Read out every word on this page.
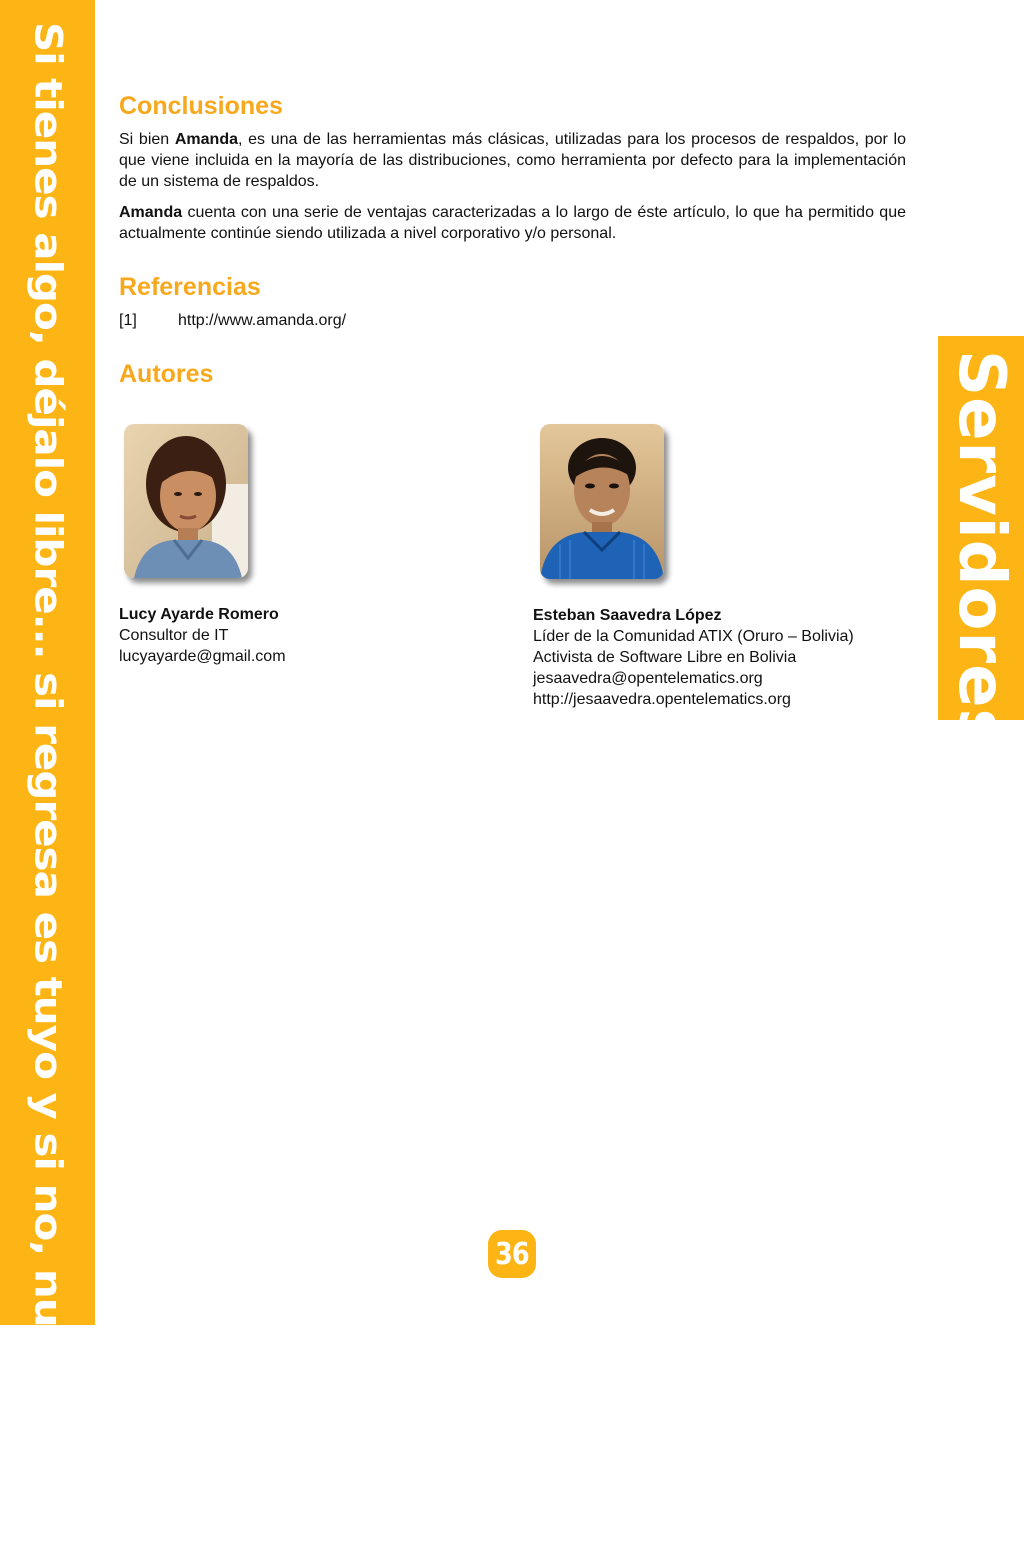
Si tienes algo, déjalo libre... si regresa es tuyo y si no, nunca lo fué	Servidores
Conclusiones

Si bien Amanda, es una de las herramientas más clásicas, utilizadas para los procesos de respaldos, por lo que viene incluida en la mayoría de las distribuciones, como herramienta por defecto para la implementación de un sistema de respaldos.

Amanda cuenta con una serie de ventajas caracterizadas a lo largo de éste artículo, lo que ha permitido que actualmente continúe siendo utilizada a nivel corporativo y/o personal.

Referencias
[1]	http://www.amanda.org/
Autores
Lucy Ayarde Romero
Consultor de IT
lucyayarde@gmail.com
Esteban Saavedra López
Líder de la Comunidad ATIX (Oruro – Bolivia)
Activista de Software Libre en Bolivia
jesaavedra@opentelematics.org
http://jesaavedra.opentelematics.org
36
